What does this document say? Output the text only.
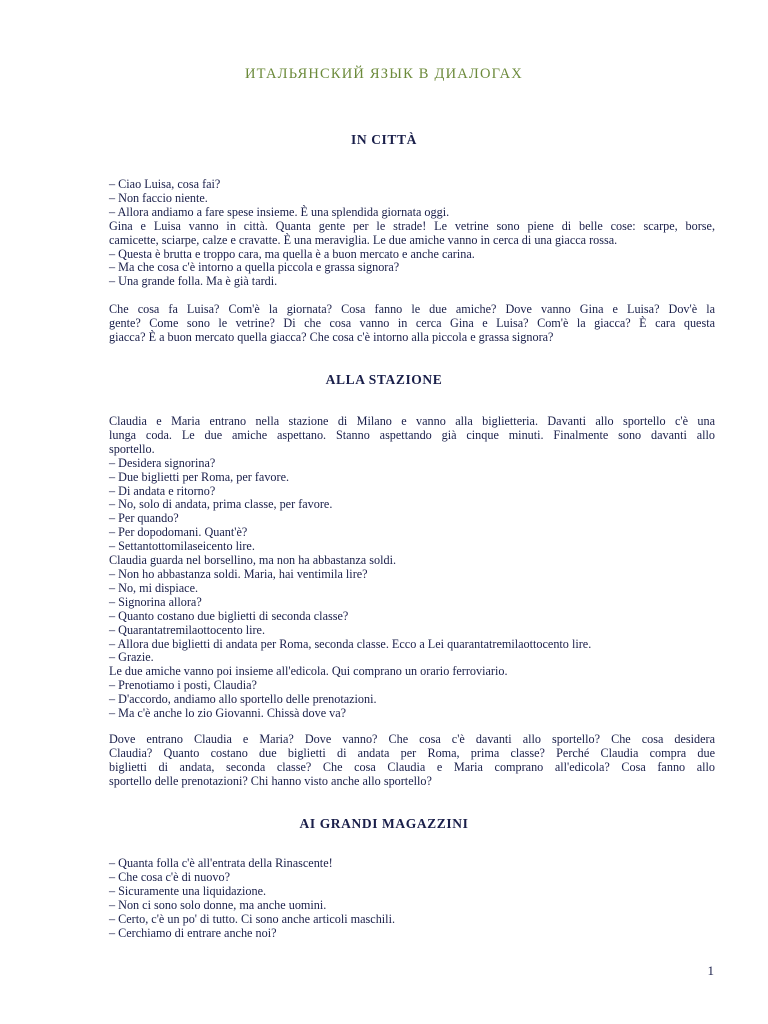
ИТАЛЬЯНСКИЙ ЯЗЫК В ДИАЛОГАХ
IN CITTÀ
– Ciao Luisa, cosa fai?
– Non faccio niente.
– Allora andiamo a fare spese insieme. È una splendida giornata oggi.
Gina e Luisa vanno in città. Quanta gente per le strade! Le vetrine sono piene di belle cose: scarpe, borse,
camicette, sciarpe, calze e cravatte. È una meraviglia. Le due amiche vanno in cerca di una giacca rossa.
– Questa è brutta e troppo cara, ma quella è a buon mercato e anche carina.
– Ma che cosa c'è intorno a quella piccola e grassa signora?
– Una grande folla. Ma è già tardi.
Che cosa fa Luisa? Com'è la giornata? Cosa fanno le due amiche? Dove vanno Gina e Luisa? Dov'è la
gente? Come sono le vetrine? Di che cosa vanno in cerca Gina e Luisa? Com'è la giacca? È cara questa
giacca? È a buon mercato quella giacca? Che cosa c'è intorno alla piccola e grassa signora?
ALLA STAZIONE
Claudia e Maria entrano nella stazione di Milano e vanno alla biglietteria. Davanti allo sportello c'è una
lunga coda. Le due amiche aspettano. Stanno aspettando già cinque minuti. Finalmente sono davanti allo
sportello.
– Desidera signorina?
– Due biglietti per Roma, per favore.
– Di andata e ritorno?
– No, solo di andata, prima classe, per favore.
– Per quando?
– Per dopodomani. Quant'è?
– Settantottomilaseicento lire.
Claudia guarda nel borsellino, ma non ha abbastanza soldi.
– Non ho abbastanza soldi. Maria, hai ventimila lire?
– No, mi dispiace.
– Signorina allora?
– Quanto costano due biglietti di seconda classe?
– Quarantatremilaottocento lire.
– Allora due biglietti di andata per Roma, seconda classe. Ecco a Lei quarantatremilaottocento lire.
– Grazie.
Le due amiche vanno poi insieme all'edicola. Qui comprano un orario ferroviario.
– Prenotiamo i posti, Claudia?
– D'accordo, andiamo allo sportello delle prenotazioni.
– Ma c'è anche lo zio Giovanni. Chissà dove va?
Dove entrano Claudia e Maria? Dove vanno? Che cosa c'è davanti allo sportello? Che cosa desidera
Claudia? Quanto costano due biglietti di andata per Roma, prima classe? Perché Claudia compra due
biglietti di andata, seconda classe? Che cosa Claudia e Maria comprano all'edicola? Cosa fanno allo
sportello delle prenotazioni? Chi hanno visto anche allo sportello?
AI GRANDI MAGAZZINI
– Quanta folla c'è all'entrata della Rinascente!
– Che cosa c'è di nuovo?
– Sicuramente una liquidazione.
– Non ci sono solo donne, ma anche uomini.
– Certo, c'è un po' di tutto. Ci sono anche articoli maschili.
– Cerchiamo di entrare anche noi?
1
